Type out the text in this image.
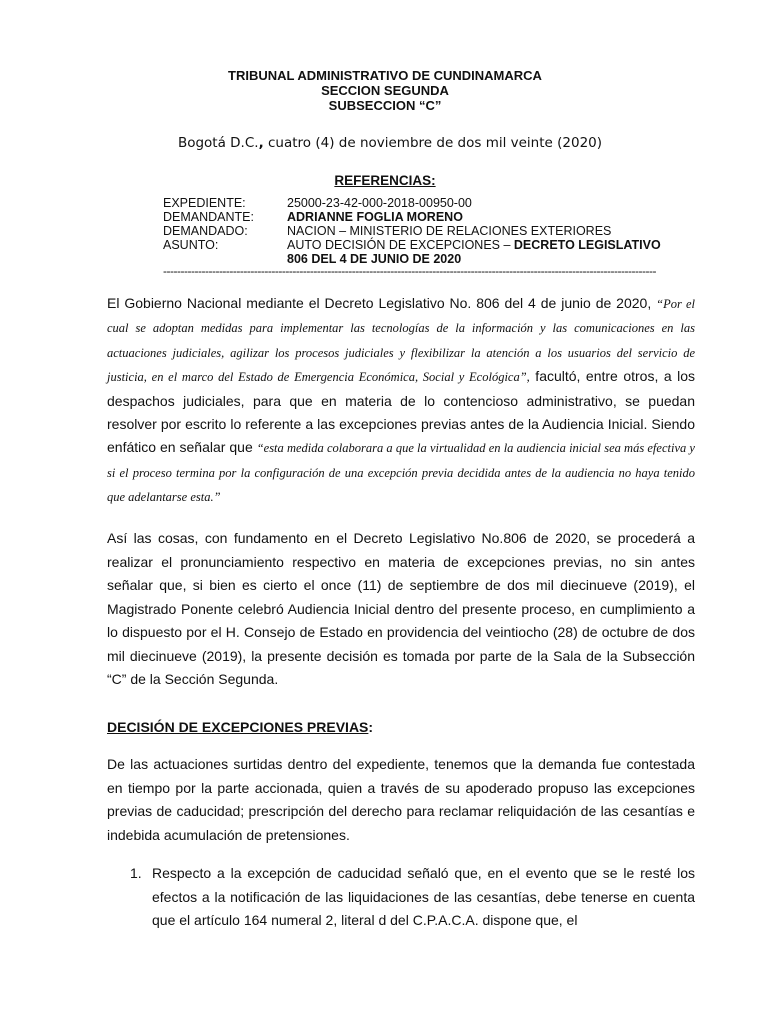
TRIBUNAL ADMINISTRATIVO DE CUNDINAMARCA
SECCION SEGUNDA
SUBSECCION “C”
Bogotá D.C., cuatro (4) de noviembre de dos mil veinte (2020)
REFERENCIAS:
EXPEDIENTE:	25000-23-42-000-2018-00950-00
DEMANDANTE:	ADRIANNE FOGLIA MORENO
DEMANDADO:	NACION – MINISTERIO DE RELACIONES EXTERIORES
ASUNTO:	AUTO DECISIÓN DE EXCEPCIONES – DECRETO LEGISLATIVO 806 DEL 4 DE JUNIO DE 2020
---------------------------------------------------------------------------------------------------------------------------------------------
El Gobierno Nacional mediante el Decreto Legislativo No. 806 del 4 de junio de 2020, “Por el cual se adoptan medidas para implementar las tecnologías de la información y las comunicaciones en las actuaciones judiciales, agilizar los procesos judiciales y flexibilizar la atención a los usuarios del servicio de justicia, en el marco del Estado de Emergencia Económica, Social y Ecológica”, facultó, entre otros, a los despachos judiciales, para que en materia de lo contencioso administrativo, se puedan resolver por escrito lo referente a las excepciones previas antes de la Audiencia Inicial. Siendo enfático en señalar que “esta medida colaborara a que la virtualidad en la audiencia inicial sea más efectiva y si el proceso termina por la configuración de una excepción previa decidida antes de la audiencia no haya tenido que adelantarse esta.”
Así las cosas, con fundamento en el Decreto Legislativo No.806 de 2020, se procederá a realizar el pronunciamiento respectivo en materia de excepciones previas, no sin antes señalar que, si bien es cierto el once (11) de septiembre de dos mil diecinueve (2019), el Magistrado Ponente celebró Audiencia Inicial dentro del presente proceso, en cumplimiento a lo dispuesto por el H. Consejo de Estado en providencia del veintiocho (28) de octubre de dos mil diecinueve (2019), la presente decisión es tomada por parte de la Sala de la Subsección “C” de la Sección Segunda.
DECISIÓN DE EXCEPCIONES PREVIAS:
De las actuaciones surtidas dentro del expediente, tenemos que la demanda fue contestada en tiempo por la parte accionada, quien a través de su apoderado propuso las excepciones previas de caducidad; prescripción del derecho para reclamar reliquidación de las cesantías e indebida acumulación de pretensiones.
1. Respecto a la excepción de caducidad señaló que, en el evento que se le resté los efectos a la notificación de las liquidaciones de las cesantías, debe tenerse en cuenta que el artículo 164 numeral 2, literal d del C.P.A.C.A. dispone que, el
